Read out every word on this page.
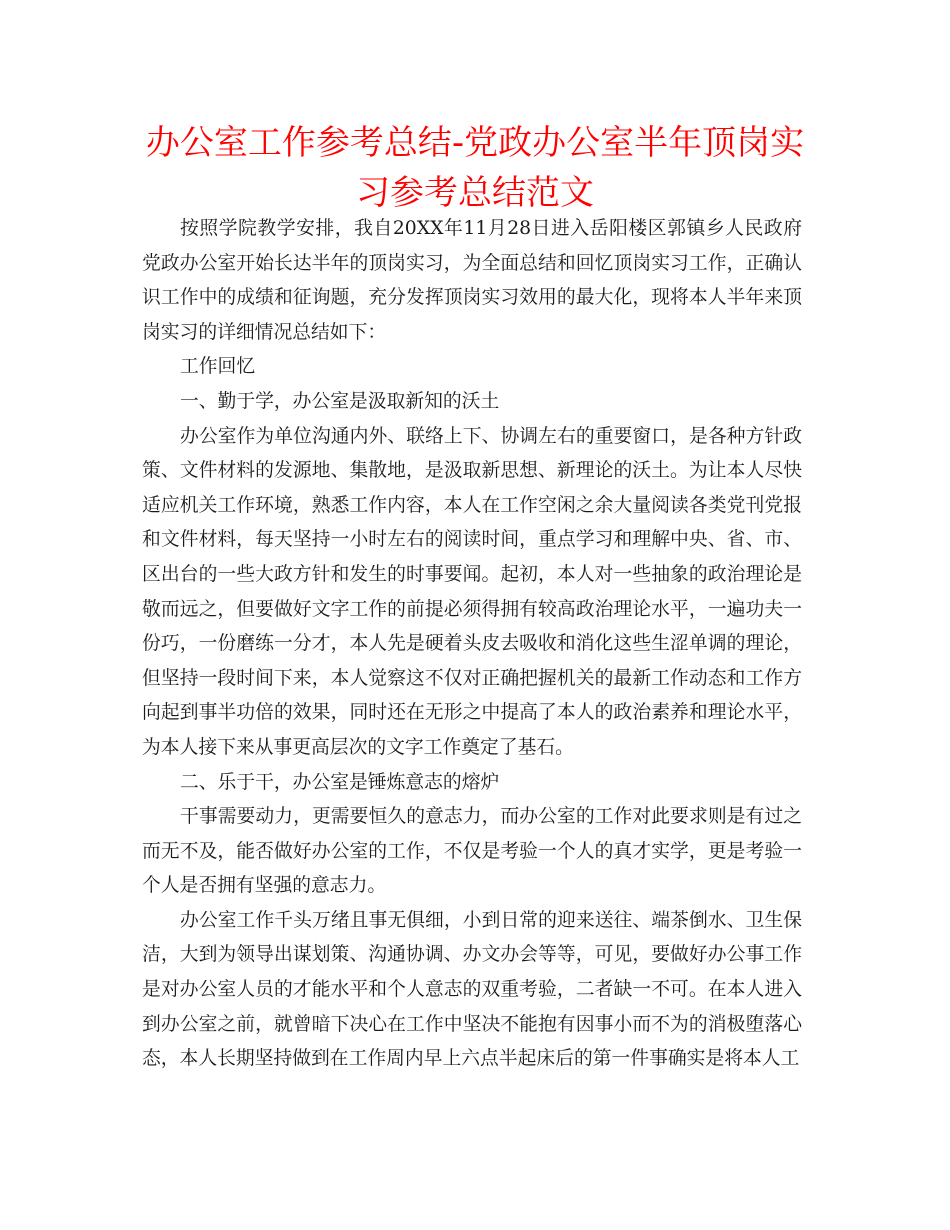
办公室工作参考总结-党政办公室半年顶岗实习参考总结范文

按照学院教学安排，我自20XX年11月28日进入岳阳楼区郭镇乡人民政府党政办公室开始长达半年的顶岗实习，为全面总结和回忆顶岗实习工作，正确认识工作中的成绩和征询题，充分发挥顶岗实习效用的最大化，现将本人半年来顶岗实习的详细情况总结如下：

工作回忆

一、勤于学，办公室是汲取新知的沃土

办公室作为单位沟通内外、联络上下、协调左右的重要窗口，是各种方针政策、文件材料的发源地、集散地，是汲取新思想、新理论的沃土。为让本人尽快适应机关工作环境，熟悉工作内容，本人在工作空闲之余大量阅读各类党刊党报和文件材料，每天坚持一小时左右的阅读时间，重点学习和理解中央、省、市、区出台的一些大政方针和发生的时事要闻。起初，本人对一些抽象的政治理论是敬而远之，但要做好文字工作的前提必须得拥有较高政治理论水平，一遍功夫一份巧，一份磨练一分才，本人先是硬着头皮去吸收和消化这些生涩单调的理论，但坚持一段时间下来，本人觉察这不仅对正确把握机关的最新工作动态和工作方向起到事半功倍的效果，同时还在无形之中提高了本人的政治素养和理论水平，为本人接下来从事更高层次的文字工作奠定了基石。

二、乐于干，办公室是锤炼意志的熔炉

干事需要动力，更需要恒久的意志力，而办公室的工作对此要求则是有过之而无不及，能否做好办公室的工作，不仅是考验一个人的真才实学，更是考验一个人是否拥有坚强的意志力。

办公室工作千头万绪且事无俱细，小到日常的迎来送往、端茶倒水、卫生保洁，大到为领导出谋划策、沟通协调、办文办会等等，可见，要做好办公事工作是对办公室人员的才能水平和个人意志的双重考验，二者缺一不可。在本人进入到办公室之前，就曾暗下决心在工作中坚决不能抱有因事小而不为的消极堕落心态，本人长期坚持做到在工作周内早上六点半起床后的第一件事确实是将本人工
